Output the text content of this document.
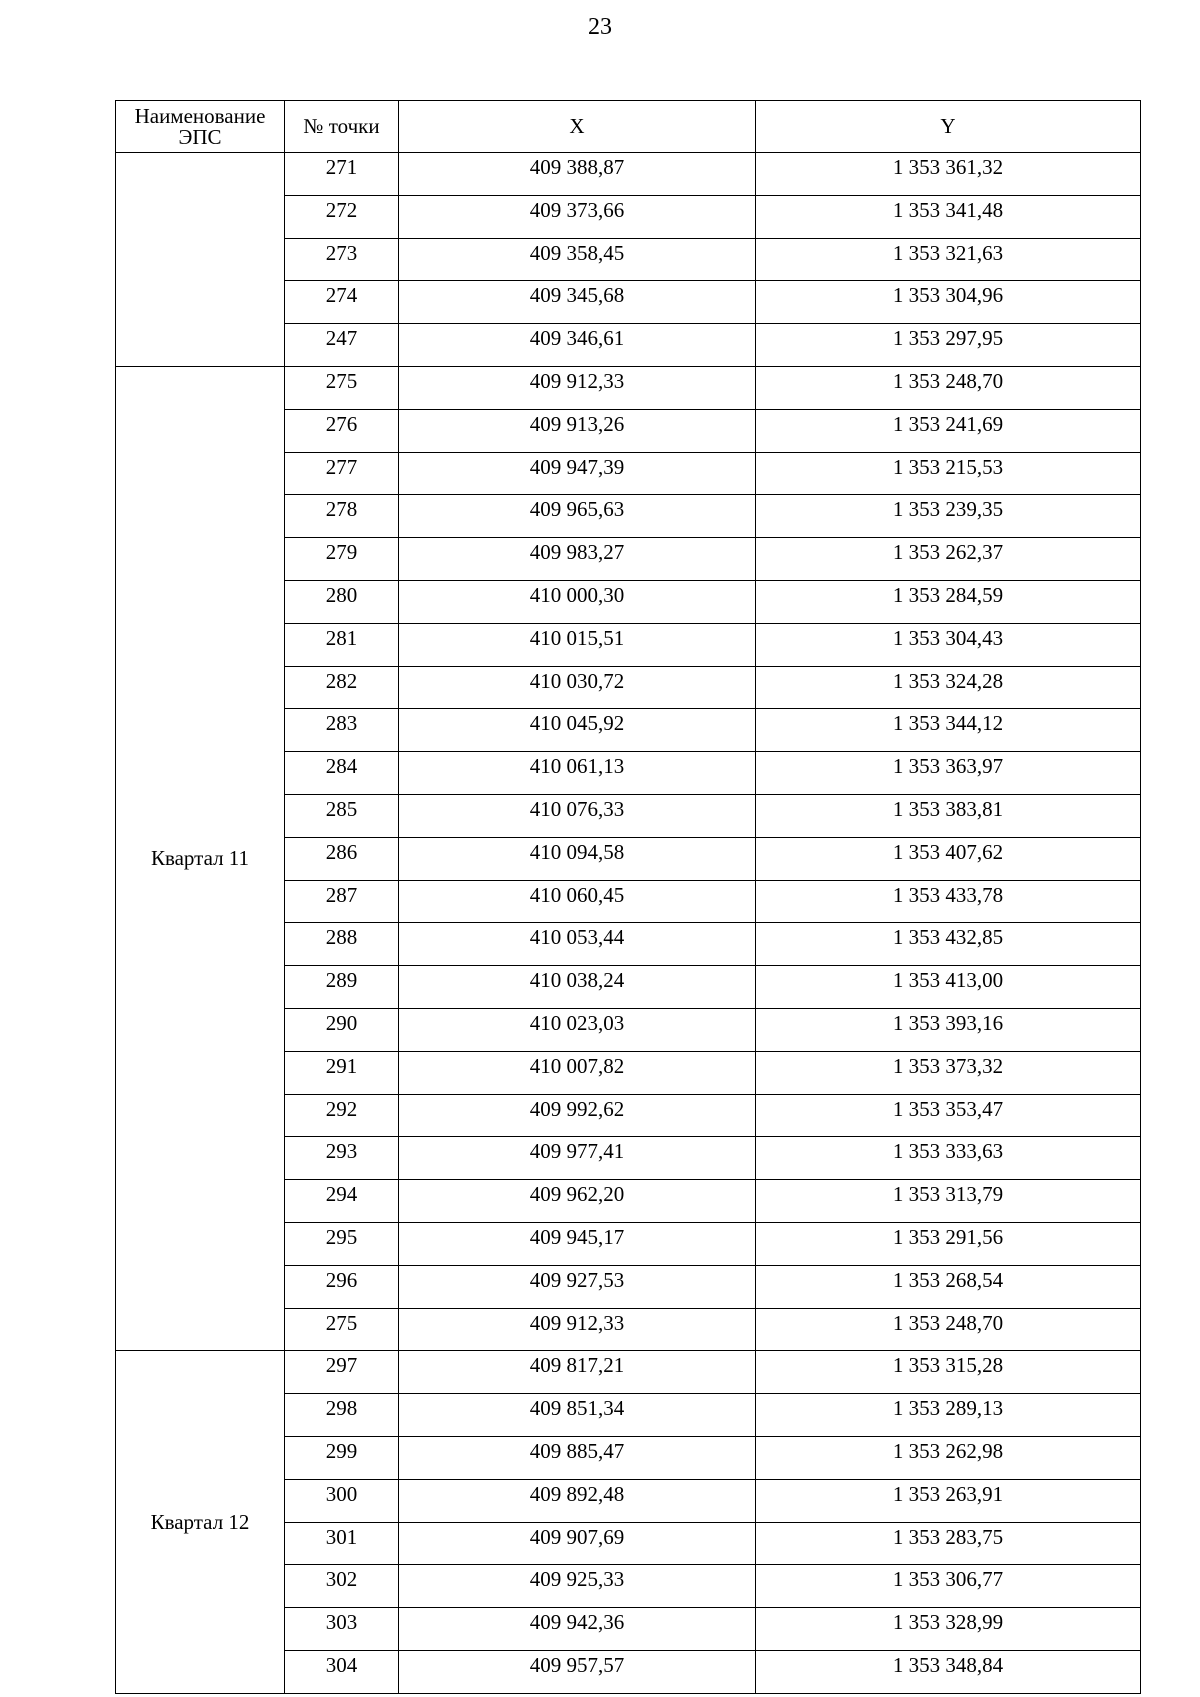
23
Наименование ЭПС	№ точки	X	Y
	271	409 388,87	1 353 361,32
	272	409 373,66	1 353 341,48
	273	409 358,45	1 353 321,63
	274	409 345,68	1 353 304,96
	247	409 346,61	1 353 297,95
Квартал 11	275	409 912,33	1 353 248,70
	276	409 913,26	1 353 241,69
	277	409 947,39	1 353 215,53
	278	409 965,63	1 353 239,35
	279	409 983,27	1 353 262,37
	280	410 000,30	1 353 284,59
	281	410 015,51	1 353 304,43
	282	410 030,72	1 353 324,28
	283	410 045,92	1 353 344,12
	284	410 061,13	1 353 363,97
	285	410 076,33	1 353 383,81
	286	410 094,58	1 353 407,62
	287	410 060,45	1 353 433,78
	288	410 053,44	1 353 432,85
	289	410 038,24	1 353 413,00
	290	410 023,03	1 353 393,16
	291	410 007,82	1 353 373,32
	292	409 992,62	1 353 353,47
	293	409 977,41	1 353 333,63
	294	409 962,20	1 353 313,79
	295	409 945,17	1 353 291,56
	296	409 927,53	1 353 268,54
	275	409 912,33	1 353 248,70
Квартал 12	297	409 817,21	1 353 315,28
	298	409 851,34	1 353 289,13
	299	409 885,47	1 353 262,98
	300	409 892,48	1 353 263,91
	301	409 907,69	1 353 283,75
	302	409 925,33	1 353 306,77
	303	409 942,36	1 353 328,99
	304	409 957,57	1 353 348,84
